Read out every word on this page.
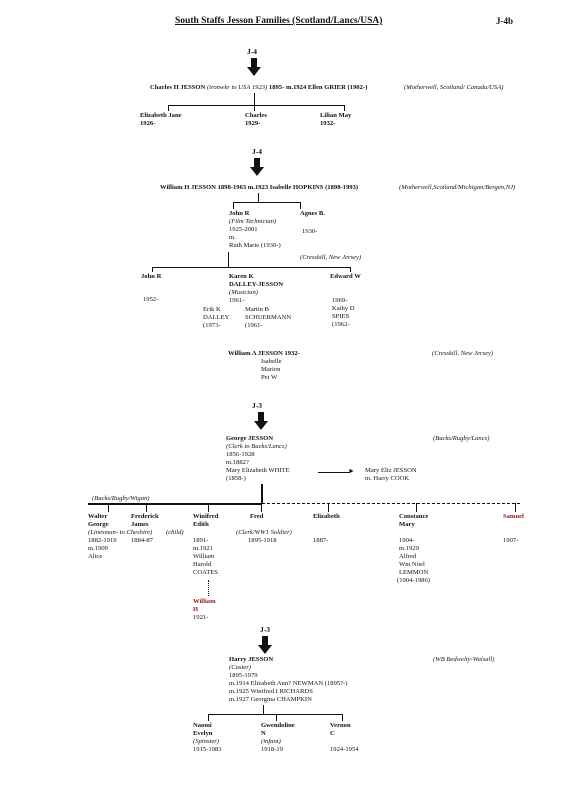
South Staffs Jesson Families (Scotland/Lancs/USA)	J-4b
J-4
Charles H JESSON (ironwkr to USA 1923) 1895- m.1924 Ellen GRIER (1902-)	(Motherwell, Scotland/ Canada/USA)
Elizabeth Jane
1926-
Charles
1929-
Lilian May
1932-
J-4
William H JESSON 1898-1963 m.1923 Isabelle HOPKINS (1898-1993)	(Motherwell,Scotland/Michigan/Bergen,NJ)
John R
(Film Technician)
1925-2001
m.
Ruth Marie (1930-)
Agnes B.
1930-
(Cresskill, New Jersey)
John R
1952-
Karen K
DALLEY-JESSON
(Musician)
1961-
Edward W
1969-
Kathy D
SPIES
(1962-
Erik K
DALLEY
(1973-
Martin B
SCHUERMANN
(1961-
William A JESSON 1932-
Isabelle
Marion
Pet W
(Cresskill, New Jersey)
J-3
George JESSON
(Clerk to Bucks/Lancs)
1856-1928
m.1882?
Mary Elizabeth WHITE
(1858-)
(Bucks/Rugby/Lancs)
► Mary Eliz JESSON
m. Harry COOK
(Bucks/Rugby/Wigan)
Walter
George
(Linesman- to Cheshire)
1882-1919
m.1909
Alice
Frederick
James
(child)
1884-87
Winifred
Edith
1891-
m.1921
William
Harold
COATES
William
H
1921-
Fred
(Clerk/WW1 Soldier)
1895-1918
Elizabeth
1887-
Constance
Mary
1904-
m.1929
Alfred
Wm Noel
LEMMON
(1904-1986)
Samuel
1907-
J-3
Harry JESSON
(Caster)
1895-1979
m.1914 Elizabeth Ann? NEWMAN (1895?-)
m.1925 Winifred I RICHARDS
m.1927 Georgina CHAMPKIN
(WB Bedwelty-Walsall)
Naomi
Evelyn
(Spinster)
1915-1983
Gwendoline
N
(infant)
1918-19
Vernon
C
1924-1954
